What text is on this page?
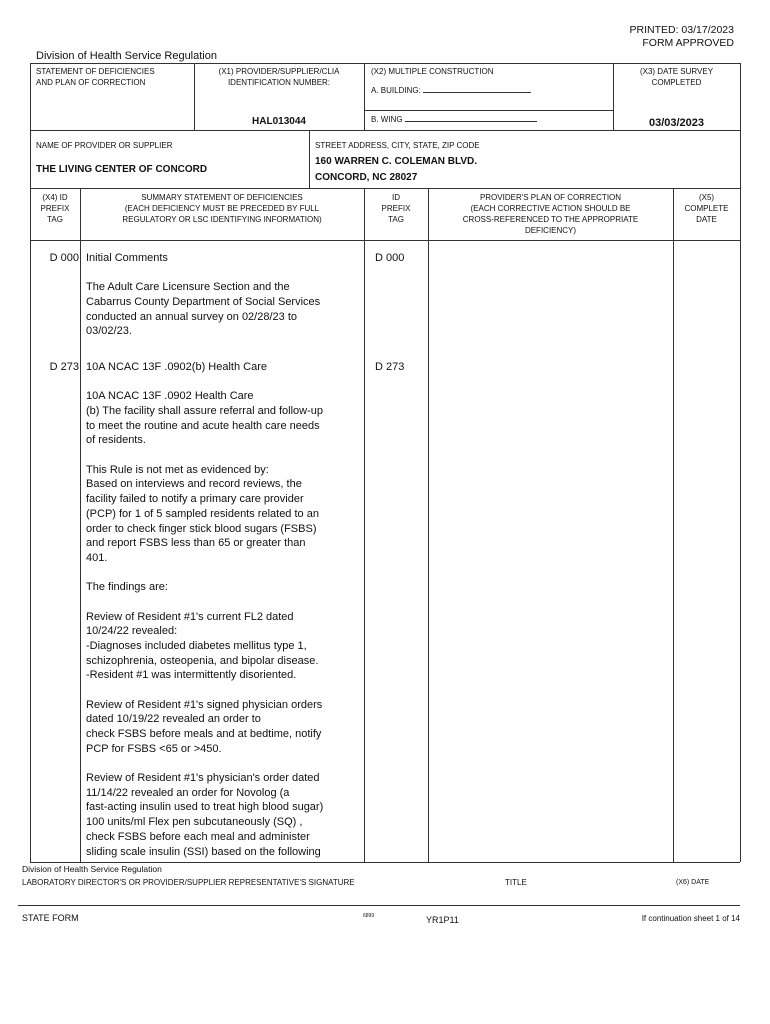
PRINTED: 03/17/2023
FORM APPROVED
Division of Health Service Regulation
STATEMENT OF DEFICIENCIES
AND PLAN OF CORRECTION
(X1) PROVIDER/SUPPLIER/CLIA
IDENTIFICATION NUMBER:
HAL013044
(X2) MULTIPLE CONSTRUCTION
A. BUILDING:
B. WING
(X3) DATE SURVEY
COMPLETED
03/03/2023
NAME OF PROVIDER OR SUPPLIER
THE LIVING CENTER OF CONCORD
STREET ADDRESS, CITY, STATE, ZIP CODE
160 WARREN C. COLEMAN BLVD.
CONCORD, NC 28027
(X4) ID
PREFIX
TAG
SUMMARY STATEMENT OF DEFICIENCIES
(EACH DEFICIENCY MUST BE PRECEDED BY FULL
REGULATORY OR LSC IDENTIFYING INFORMATION)
ID
PREFIX
TAG
PROVIDER'S PLAN OF CORRECTION
(EACH CORRECTIVE ACTION SHOULD BE
CROSS-REFERENCED TO THE APPROPRIATE
DEFICIENCY)
(X5)
COMPLETE
DATE
D 000	D 000
Initial Comments
The Adult Care Licensure Section and the
Cabarrus County Department of Social Services
conducted an annual survey on 02/28/23 to
03/02/23.
D 273	D 273
10A NCAC 13F .0902(b) Health Care
10A NCAC 13F .0902 Health Care
(b) The facility shall assure referral and follow-up
to meet the routine and acute health care needs
of residents.
This Rule is not met as evidenced by:
Based on interviews and record reviews, the
facility failed to notify a primary care provider
(PCP) for 1 of 5 sampled residents related to an
order to check finger stick blood sugars (FSBS)
and report FSBS less than 65 or greater than
401.
The findings are:
Review of Resident #1's current FL2 dated
10/24/22 revealed:
-Diagnoses included diabetes mellitus type 1,
schizophrenia, osteopenia, and bipolar disease.
-Resident #1 was intermittently disoriented.
Review of Resident #1's signed physician orders
dated 10/19/22 revealed an order to
check FSBS before meals and at bedtime, notify
PCP for FSBS <65 or >450.
Review of Resident #1's physician's order dated
11/14/22 revealed an order for Novolog (a
fast-acting insulin used to treat high blood sugar)
100 units/ml Flex pen subcutaneously (SQ) ,
check FSBS before each meal and administer
sliding scale insulin (SSI) based on the following
Division of Health Service Regulation
LABORATORY DIRECTOR'S OR PROVIDER/SUPPLIER REPRESENTATIVE'S SIGNATURE	TITLE	(X6) DATE
STATE FORM	6899	YR1P11	If continuation sheet 1 of 14
